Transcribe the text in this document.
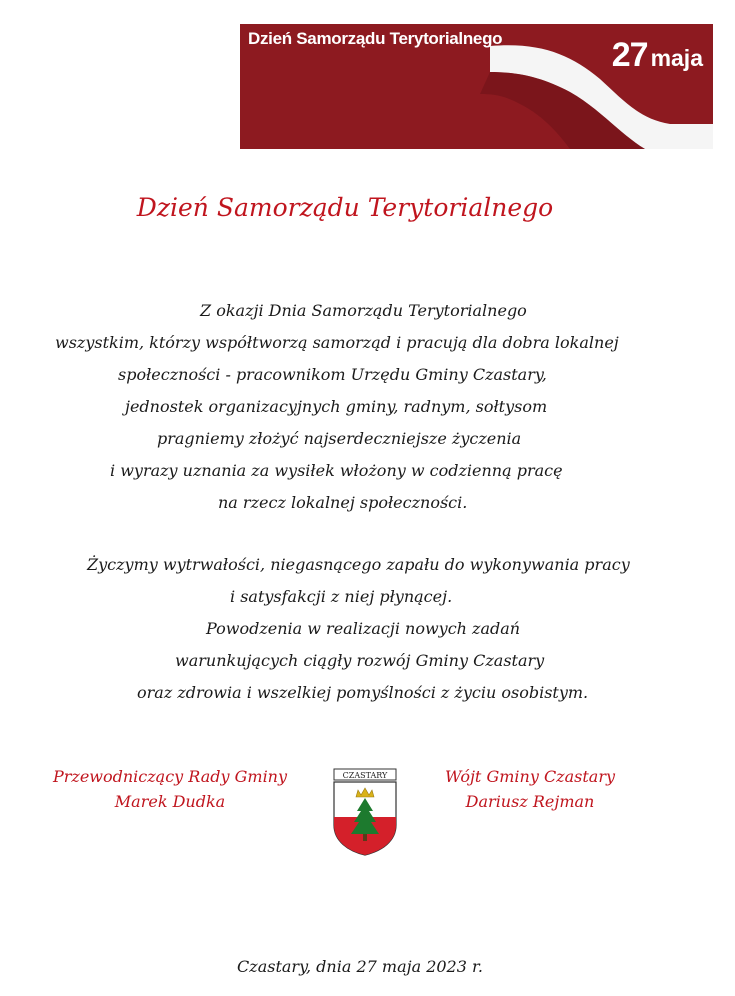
Dzień Samorządu Terytorialnego	27 maja
Dzień Samorządu Terytorialnego
Z okazji Dnia Samorządu Terytorialnego
wszystkim, którzy współtworzą samorząd i pracują dla dobra lokalnej
społeczności - pracownikom Urzędu Gminy Czastary,
jednostek organizacyjnych gminy, radnym, sołtysom
pragniemy złożyć najserdeczniejsze życzenia
i wyrazy uznania za wysiłek włożony w codzienną pracę
na rzecz lokalnej społeczności.
Życzymy wytrwałości, niegasnącego zapału do wykonywania pracy
i satysfakcji z niej płynącej.
Powodzenia w realizacji nowych zadań
warunkujących ciągły rozwój Gminy Czastary
oraz zdrowia i wszelkiej pomyślności z życiu osobistym.
Przewodniczący Rady Gminy
Marek Dudka
CZASTARY	Wójt Gminy Czastary
Dariusz Rejman
Czastary, dnia 27 maja 2023 r.
